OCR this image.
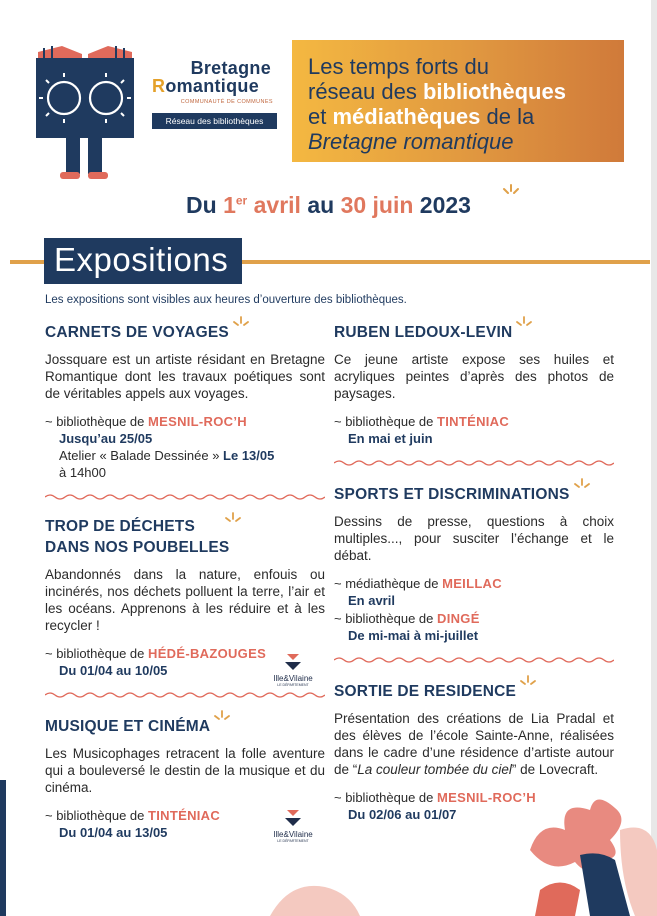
Bretagne
Romantique
COMMUNAUTÉ DE COMMUNES
Réseau des bibliothèques
Les temps forts du
réseau des bibliothèques
et médiathèques de la
Bretagne romantique
Du 1er avril au 30 juin 2023
Expositions
Les expositions sont visibles aux heures d’ouverture des bibliothèques.
CARNETS DE VOYAGES
Jossquare est un artiste résidant en Bretagne Romantique dont les travaux poétiques sont de véritables appels aux voyages.
~ bibliothèque de MESNIL-ROC’H
Jusqu’au 25/05
Atelier « Balade Dessinée » Le 13/05
à 14h00
TROP DE DÉCHETS
DANS NOS POUBELLES
Abandonnés dans la nature, enfouis ou incinérés, nos déchets polluent la terre, l’air et les océans. Apprenons à les réduire et à les recycler !
~ bibliothèque de HÉDÉ-BAZOUGES
Du 01/04 au 10/05
MUSIQUE ET CINÉMA
Les Musicophages retracent la folle aventure qui a bouleversé le destin de la musique et du cinéma.
~ bibliothèque de TINTÉNIAC
Du 01/04 au 13/05
Ille&Vilaine
LE DÉPARTEMENT
Ille&Vilaine
LE DÉPARTEMENT
RUBEN LEDOUX-LEVIN
Ce jeune artiste expose ses huiles et acryliques peintes d’après des photos de paysages.
~ bibliothèque de TINTÉNIAC
En mai et juin
SPORTS ET DISCRIMINATIONS
Dessins de presse, questions à choix multiples..., pour susciter l’échange et le débat.
~ médiathèque de MEILLAC
En avril
~ bibliothèque de DINGÉ
De mi-mai à mi-juillet
SORTIE DE RESIDENCE
Présentation des créations de Lia Pradal et des élèves de l’école Sainte-Anne, réalisées dans le cadre d’une résidence d’artiste autour de “La couleur tombée du ciel” de Lovecraft.
~ bibliothèque de MESNIL-ROC’H
Du 02/06 au 01/07
